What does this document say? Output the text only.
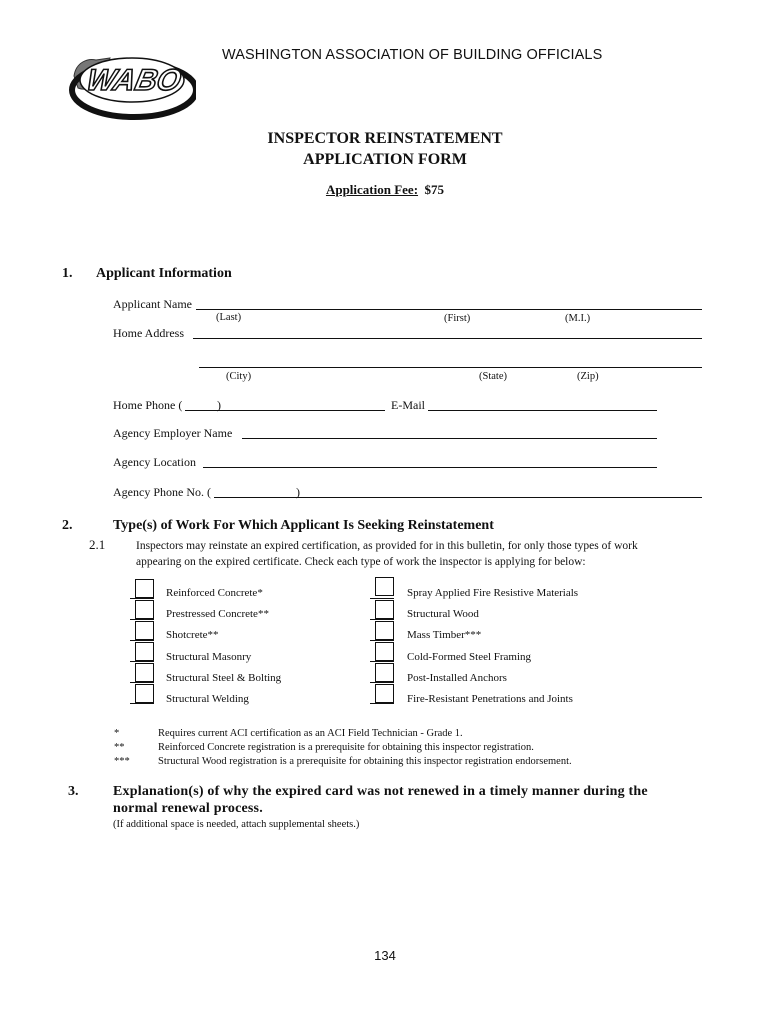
WABO
WASHINGTON ASSOCIATION OF BUILDING OFFICIALS
INSPECTOR REINSTATEMENT
APPLICATION FORM
Application Fee: $75
1. Applicant Information
Applicant Name
(Last)	(First)	(M.I.)
Home Address
(City)	(State)	(Zip)
Home Phone (	)	E-Mail
Agency Employer Name
Agency Location
Agency Phone No. (	)
2.	Type(s) of Work For Which Applicant Is Seeking Reinstatement
2.1	Inspectors may reinstate an expired certification, as provided for in this bulletin, for only those types of work
appearing on the expired certificate. Check each type of work the inspector is applying for below:
Reinforced Concrete*
Prestressed Concrete**
Shotcrete**
Structural Masonry
Structural Steel & Bolting
Structural Welding
Spray Applied Fire Resistive Materials
Structural Wood
Mass Timber***
Cold-Formed Steel Framing
Post-Installed Anchors
Fire-Resistant Penetrations and Joints
*	Requires current ACI certification as an ACI Field Technician - Grade 1.
**	Reinforced Concrete registration is a prerequisite for obtaining this inspector registration.
***	Structural Wood registration is a prerequisite for obtaining this inspector registration endorsement.
3. Explanation(s) of why the expired card was not renewed in a timely manner during the
normal renewal process.
(If additional space is needed, attach supplemental sheets.)
134
